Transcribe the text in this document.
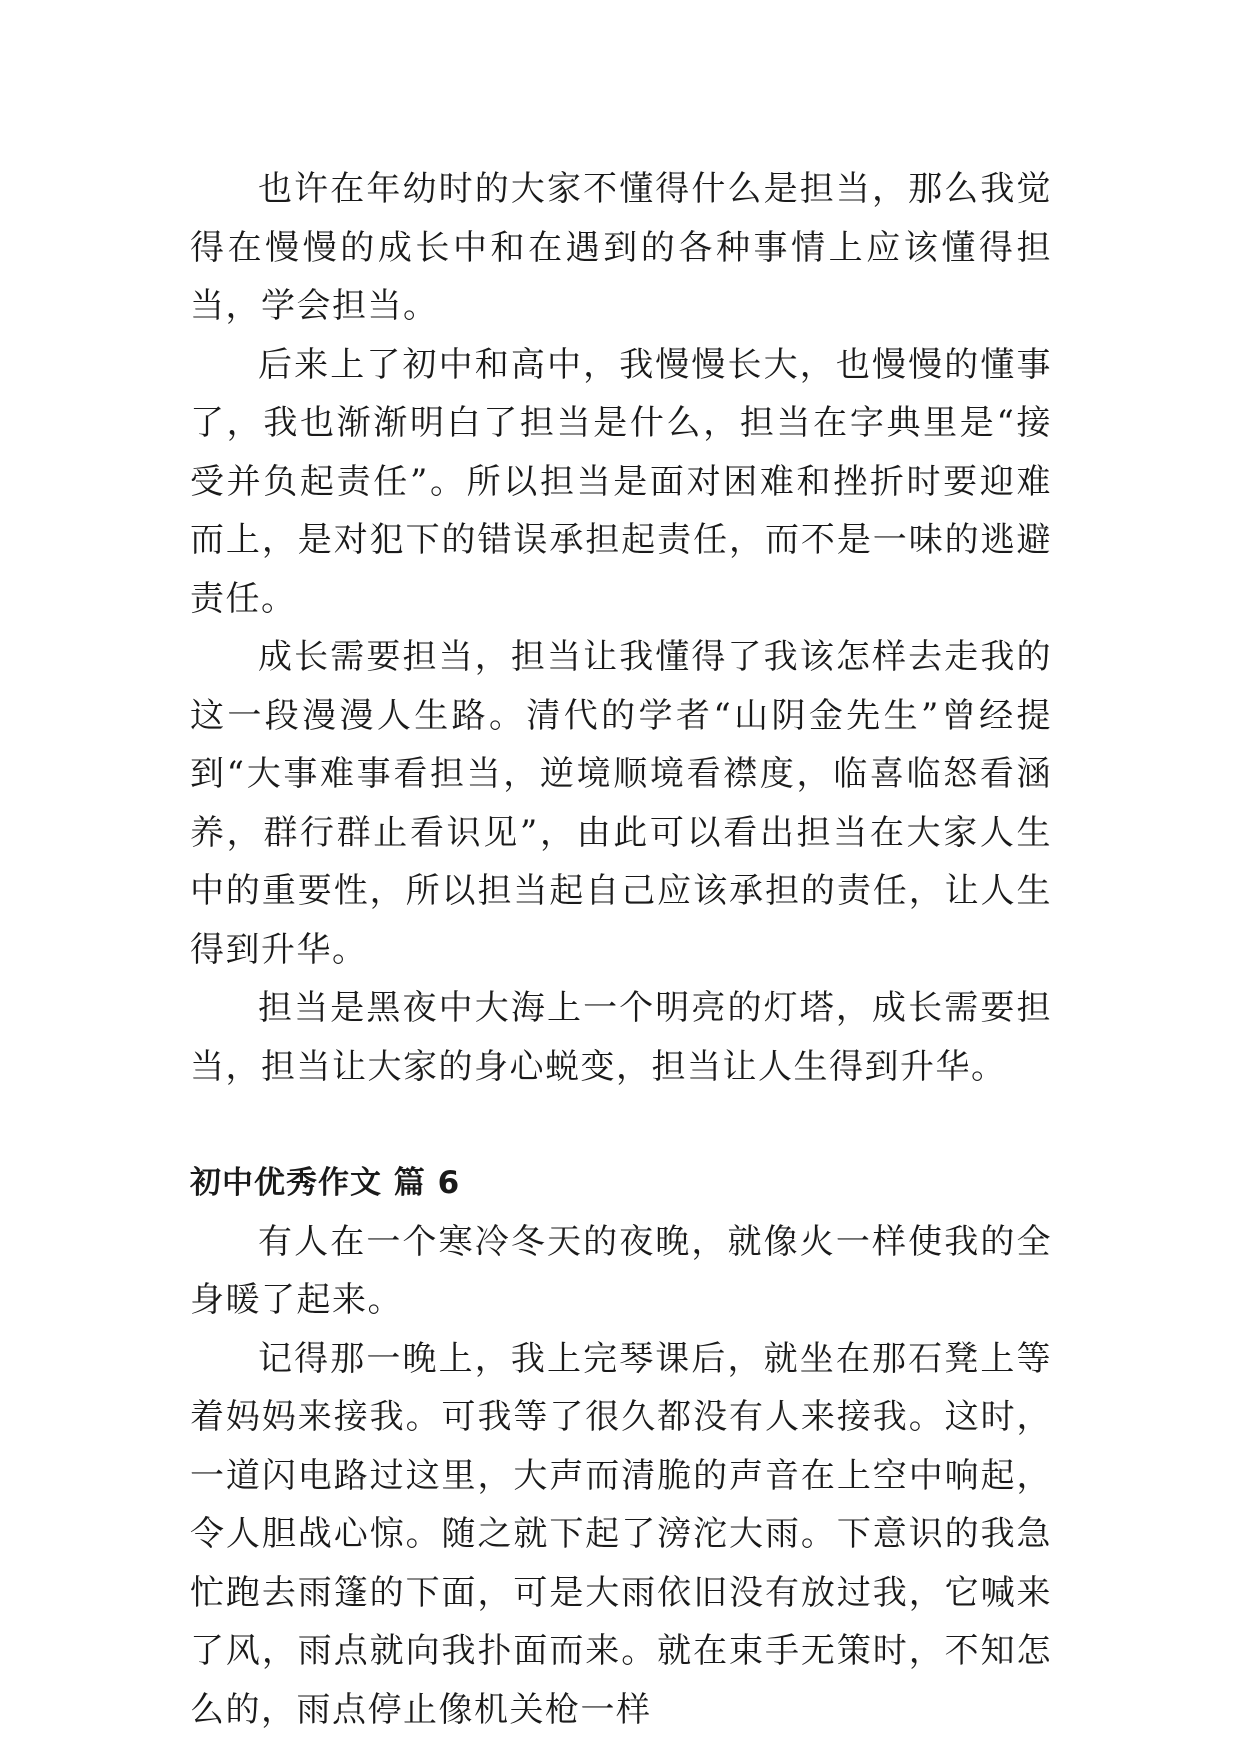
也许在年幼时的大家不懂得什么是担当，那么我觉得在慢慢的成长中和在遇到的各种事情上应该懂得担当，学会担当。

后来上了初中和高中，我慢慢长大，也慢慢的懂事了，我也渐渐明白了担当是什么，担当在字典里是“接受并负起责任”。所以担当是面对困难和挫折时要迎难而上，是对犯下的错误承担起责任，而不是一味的逃避责任。

成长需要担当，担当让我懂得了我该怎样去走我的这一段漫漫人生路。清代的学者“山阴金先生”曾经提到“大事难事看担当，逆境顺境看襟度，临喜临怒看涵养，群行群止看识见”，由此可以看出担当在大家人生中的重要性，所以担当起自己应该承担的责任，让人生得到升华。

担当是黑夜中大海上一个明亮的灯塔，成长需要担当，担当让大家的身心蜕变，担当让人生得到升华。

初中优秀作文 篇 6

有人在一个寒冷冬天的夜晚，就像火一样使我的全身暖了起来。

记得那一晚上，我上完琴课后，就坐在那石凳上等着妈妈来接我。可我等了很久都没有人来接我。这时，一道闪电路过这里，大声而清脆的声音在上空中响起，令人胆战心惊。随之就下起了滂沱大雨。下意识的我急忙跑去雨篷的下面，可是大雨依旧没有放过我，它喊来了风，雨点就向我扑面而来。就在束手无策时，不知怎么的，雨点停止像机关枪一样
